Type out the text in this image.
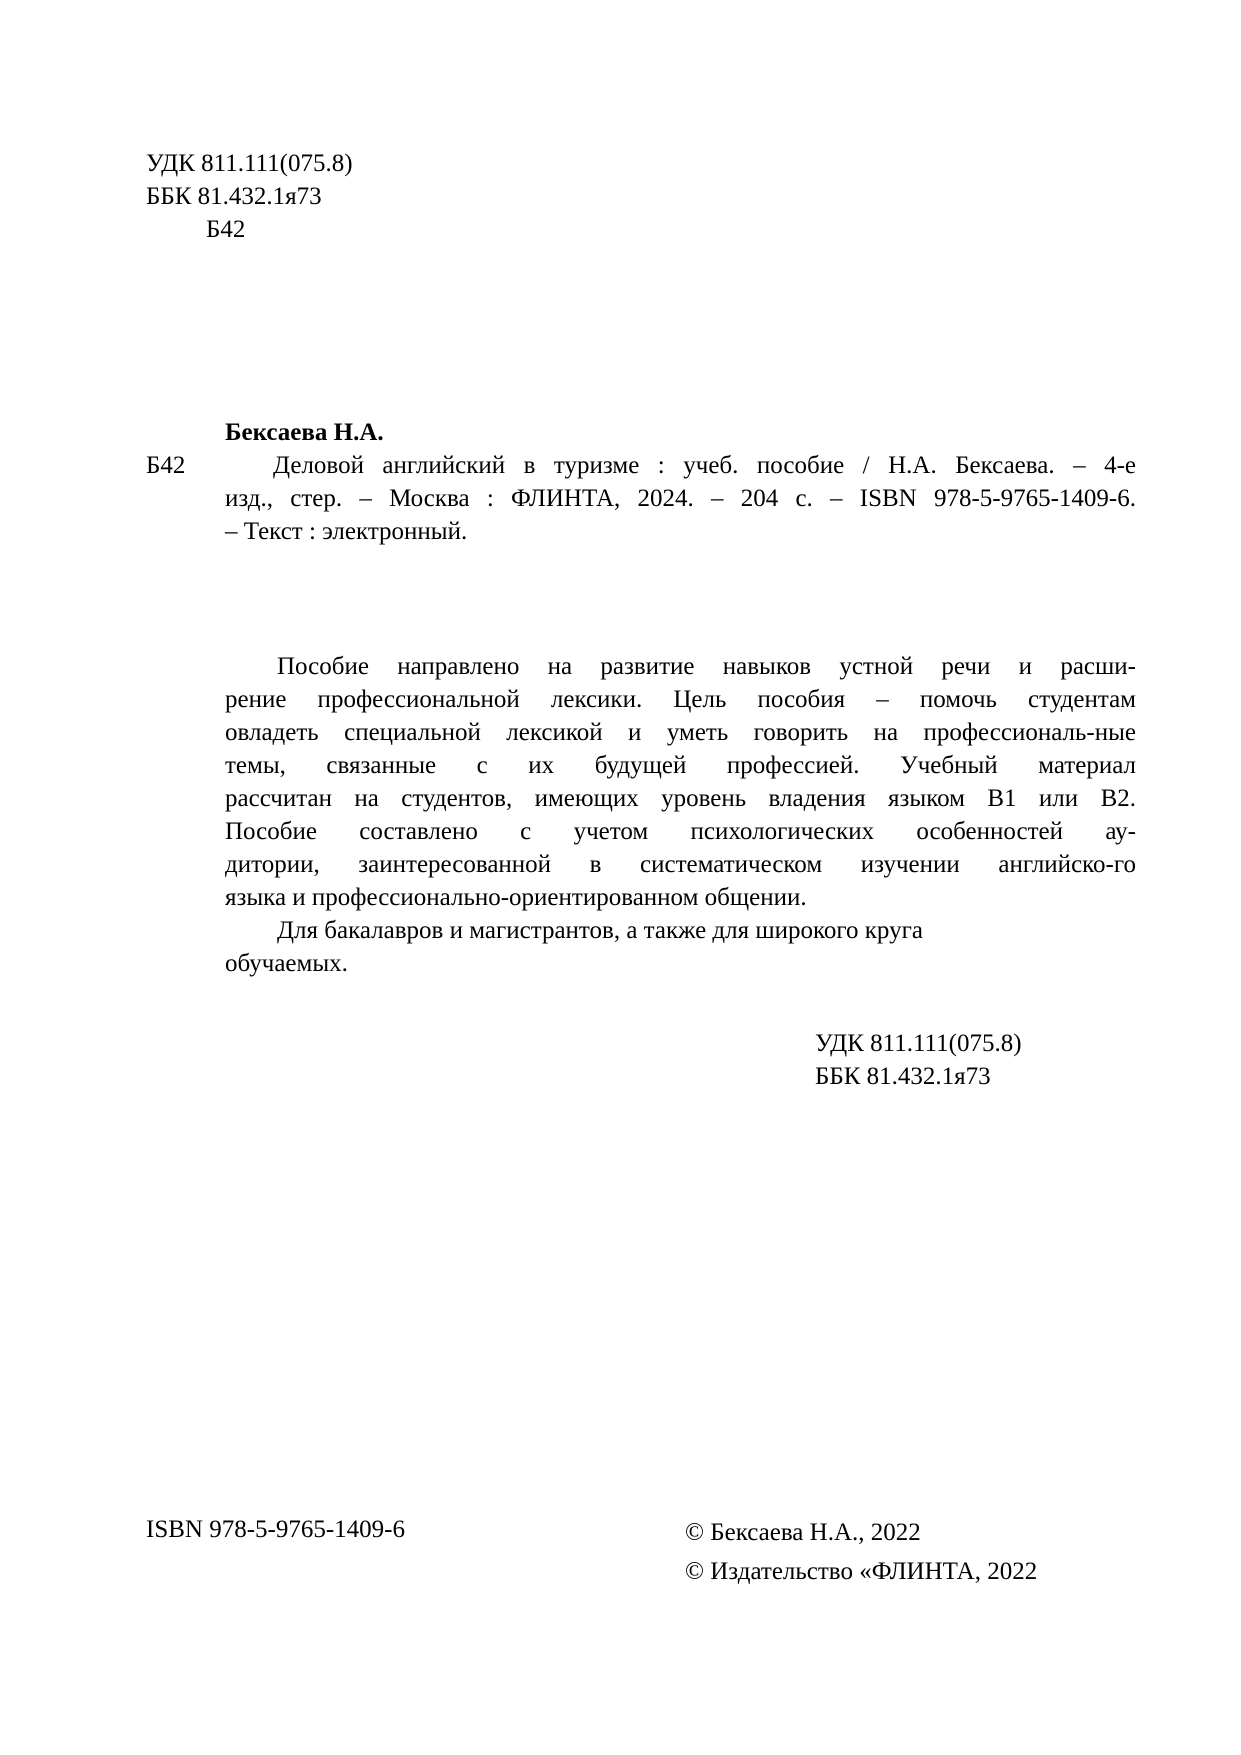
УДК 811.111(075.8)
ББК 81.432.1я73
Б42
Бексаева Н.А.
Б42	Деловой английский в туризме : учеб. пособие / Н.А. Бексаева. – 4-е
изд., стер. – Москва : ФЛИНТА, 2024. – 204 с. – ISBN 978-5-9765-1409-6.
– Текст : электронный.
Пособие направлено на развитие навыков устной речи и расши-
рение профессиональной лексики. Цель пособия – помочь студентам
овладеть специальной лексикой и уметь говорить на профессиональ-ные
темы, связанные с их будущей профессией. Учебный материал
рассчитан на студентов, имеющих уровень владения языком В1 или В2.
Пособие составлено с учетом психологических особенностей ау-
дитории, заинтересованной в систематическом изучении английско-го
языка и профессионально-ориентированном общении.
Для бакалавров и магистрантов, а также для широкого круга
обучаемых.
УДК 811.111(075.8)
ББК 81.432.1я73
ISBN 978-5-9765-1409-6	© Бексаева Н.А., 2022
© Издательство «ФЛИНТА, 2022
